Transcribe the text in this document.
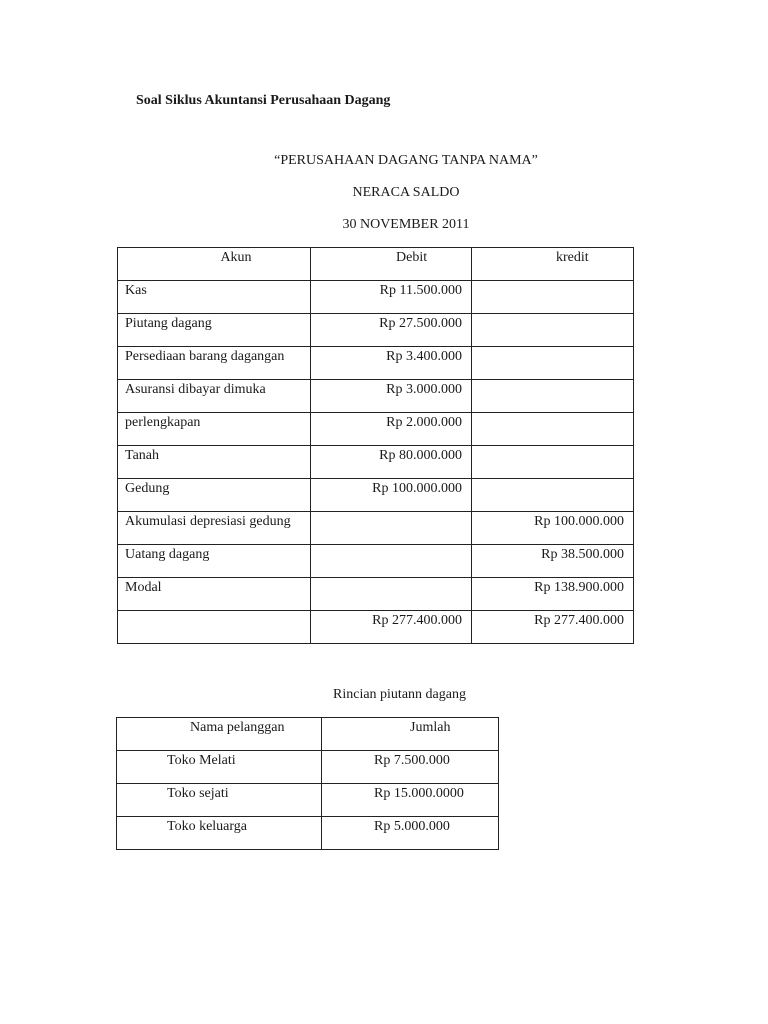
Soal Siklus Akuntansi Perusahaan Dagang
“PERUSAHAAN DAGANG TANPA NAMA”
NERACA SALDO
30 NOVEMBER 2011
Akun	Debit	kredit

Kas	Rp 11.500.000	

Piutang dagang	Rp 27.500.000	

Persediaan barang dagangan	Rp 3.400.000	

Asuransi dibayar dimuka	Rp 3.000.000	

perlengkapan	Rp 2.000.000	

Tanah	Rp 80.000.000	

Gedung	Rp 100.000.000	

Akumulasi depresiasi gedung		Rp 100.000.000

Uatang dagang		Rp 38.500.000

Modal		Rp 138.900.000

	Rp 277.400.000	Rp 277.400.000
Rincian piutann dagang
Nama pelanggan	Jumlah

Toko Melati	Rp 7.500.000

Toko sejati	Rp 15.000.0000

Toko keluarga	Rp 5.000.000
